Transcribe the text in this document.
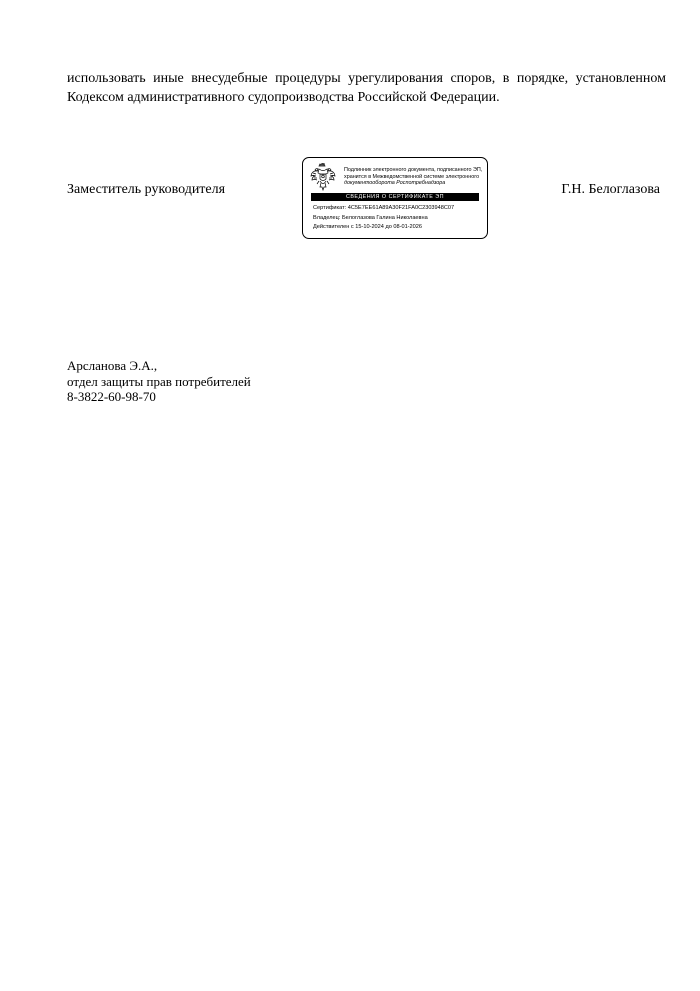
использовать иные внесудебные процедуры урегулирования споров, в порядке, установленном
Кодексом административного судопроизводства Российской Федерации.
Заместитель руководителя
Подлинник электронного документа, подписанного ЭП,
хранится в Межведомственной системе электронного
документооборота Роспотребнадзора
СВЕДЕНИЯ О СЕРТИФИКАТЕ ЭП
Сертификат: 4C5E7EE61A89A30F21FA0C2303948C07
Владелец: Белоглазова Галина Николаевна
Действителен с 15-10-2024 до 08-01-2026
Г.Н. Белоглазова
Арсланова Э.А.,
отдел защиты прав потребителей
8-3822-60-98-70
